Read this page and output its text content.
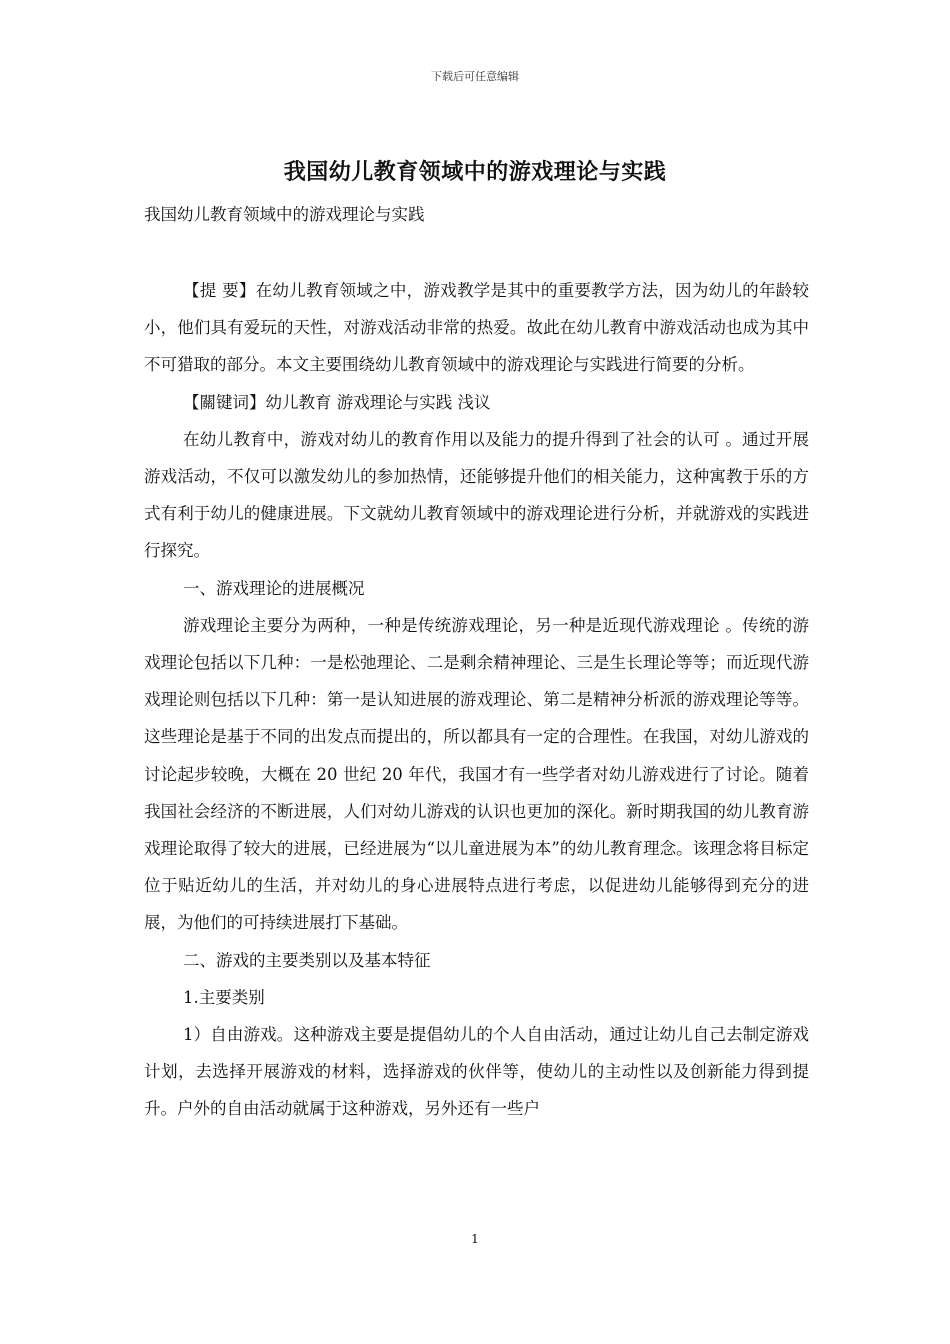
下载后可任意编辑
我国幼儿教育领域中的游戏理论与实践
我国幼儿教育领域中的游戏理论与实践

【提 要】在幼儿教育领域之中，游戏教学是其中的重要教学方法，因为幼儿的年龄较小，他们具有爱玩的天性，对游戏活动非常的热爱。故此在幼儿教育中游戏活动也成为其中不可猎取的部分。本文主要围绕幼儿教育领域中的游戏理论与实践进行简要的分析。

【關键词】幼儿教育 游戏理论与实践 浅议

在幼儿教育中，游戏对幼儿的教育作用以及能力的提升得到了社会的认可 。通过开展游戏活动，不仅可以激发幼儿的参加热情，还能够提升他们的相关能力，这种寓教于乐的方式有利于幼儿的健康进展。下文就幼儿教育领域中的游戏理论进行分析，并就游戏的实践进行探究。

一、游戏理论的进展概况

游戏理论主要分为两种，一种是传统游戏理论，另一种是近现代游戏理论 。传统的游戏理论包括以下几种：一是松弛理论、二是剩余精神理论、三是生长理论等等；而近现代游戏理论则包括以下几种：第一是认知进展的游戏理论、第二是精神分析派的游戏理论等等。这些理论是基于不同的出发点而提出的，所以都具有一定的合理性。在我国，对幼儿游戏的讨论起步较晚，大概在 20 世纪 20 年代，我国才有一些学者对幼儿游戏进行了讨论。随着我国社会经济的不断进展，人们对幼儿游戏的认识也更加的深化。新时期我国的幼儿教育游戏理论取得了较大的进展，已经进展为“以儿童进展为本”的幼儿教育理念。该理念将目标定位于贴近幼儿的生活，并对幼儿的身心进展特点进行考虑，以促进幼儿能够得到充分的进展，为他们的可持续进展打下基础。

二、游戏的主要类别以及基本特征

1.主要类别

1）自由游戏。这种游戏主要是提倡幼儿的个人自由活动，通过让幼儿自己去制定游戏计划，去选择开展游戏的材料，选择游戏的伙伴等，使幼儿的主动性以及创新能力得到提升。户外的自由活动就属于这种游戏，另外还有一些户

1
